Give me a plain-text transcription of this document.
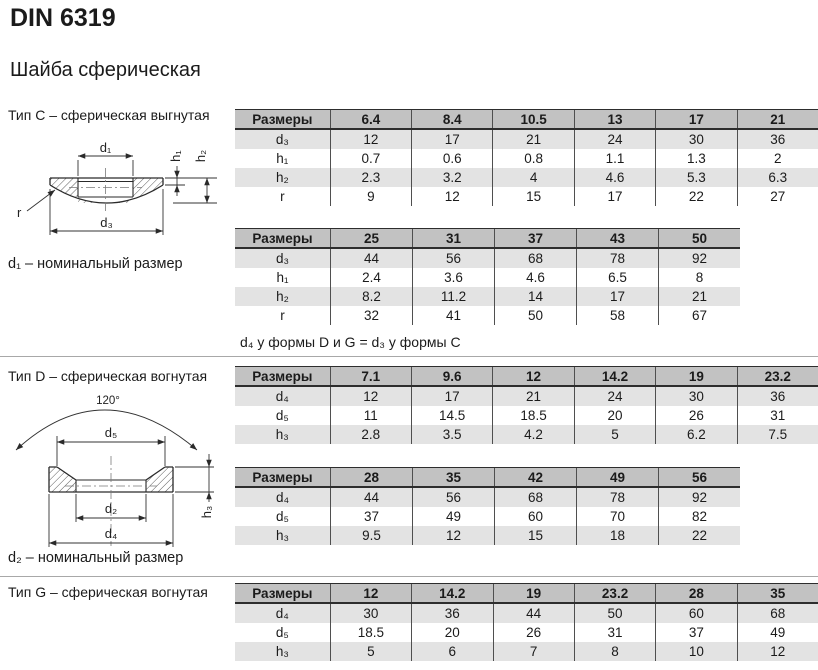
DIN 6319
Шайба сферическая
Тип C – сферическая выгнутая
d₁
h₁ h₂
d₃
r
d₁ – номинальный размер
Размеры	6.4	8.4	10.5	13	17	21
d₃	12	17	21	24	30	36
h₁	0.7	0.6	0.8	1.1	1.3	2
h₂	2.3	3.2	4	4.6	5.3	6.3
r	9	12	15	17	22	27
Размеры	25	31	37	43	50
d₃	44	56	68	78	92
h₁	2.4	3.6	4.6	6.5	8
h₂	8.2	11.2	14	17	21
r	32	41	50	58	67
d₄ у формы D и G = d₃ у формы C
Тип D – сферическая вогнутая
120°
d₅
d₂
d₄
h₃
Размеры	7.1	9.6	12	14.2	19	23.2
d₄	12	17	21	24	30	36
d₅	11	14.5	18.5	20	26	31
h₃	2.8	3.5	4.2	5	6.2	7.5
Размеры	28	35	42	49	56
d₄	44	56	68	78	92
d₅	37	49	60	70	82
h₃	9.5	12	15	18	22
d₂ – номинальный размер
Тип G – сферическая вогнутая	Размеры	12	14.2	19	23.2	28	35
d₄	30	36	44	50	60	68
d₅	18.5	20	26	31	37	49
h₃	5	6	7	8	10	12
